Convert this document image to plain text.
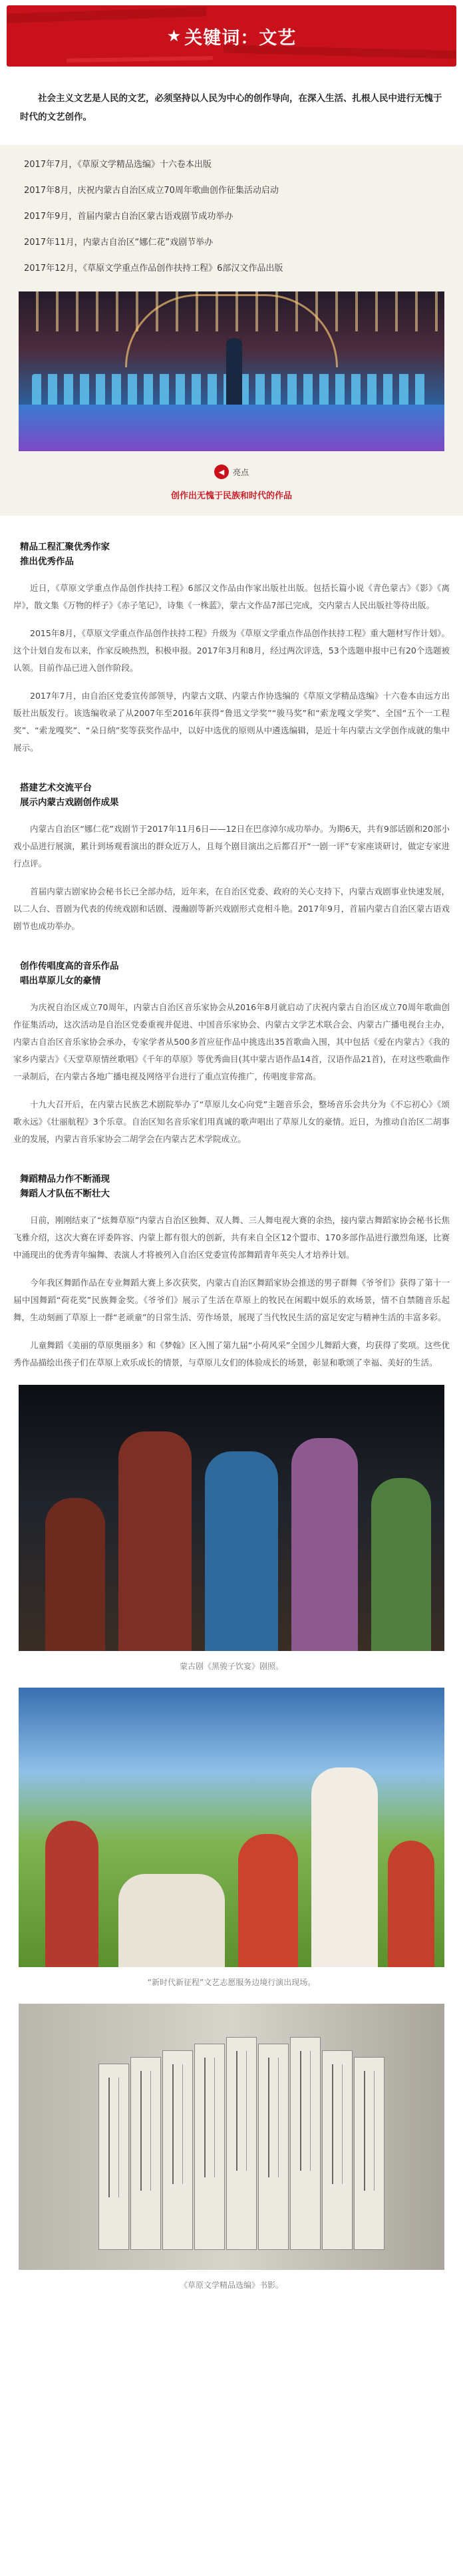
★ 关键词：文艺

社会主义文艺是人民的文艺，必须坚持以人民为中心的创作导向，在深入生活、扎根人民中进行无愧于时代的文艺创作。

2017年7月，《草原文学精品选编》十六卷本出版
2017年8月，庆祝内蒙古自治区成立70周年歌曲创作征集活动启动
2017年9月，首届内蒙古自治区蒙古语戏剧节成功举办
2017年11月，内蒙古自治区“娜仁花”戏剧节举办
2017年12月，《草原文学重点作品创作扶持工程》6部汉文作品出版
◀	亮点
创作出无愧于民族和时代的作品
精品工程汇聚优秀作家
推出优秀作品

近日，《草原文学重点作品创作扶持工程》6部汉文作品由作家出版社出版。包括长篇小说《青色蒙古》《影》《离岸》，散文集《万物的样子》《赤子笔记》，诗集《一株蓝》，蒙古文作品7部已完成，交内蒙古人民出版社等待出版。

2015年8月，《草原文学重点作品创作扶持工程》升级为《草原文学重点作品创作扶持工程》重大题材写作计划》。这个计划自发布以来，作家反映热烈，积极申报。2017年3月和8月，经过两次评选，53个选题申报中已有20个选题被认领。目前作品已进入创作阶段。

2017年7月，由自治区党委宣传部领导，内蒙古文联、内蒙古作协选编的《草原文学精品选编》十六卷本由远方出版社出版发行。该选编收录了从2007年至2016年获得“鲁迅文学奖”“骏马奖”和“索龙嘎文学奖”、全国“五个一工程奖”、“索龙嘎奖”、“朵日纳”奖等获奖作品中，以好中选优的原则从中遴选编辑，是近十年内蒙古文学创作成就的集中展示。

搭建艺术交流平台
展示内蒙古戏剧创作成果

内蒙古自治区“娜仁花”戏剧节于2017年11月6日——12日在巴彦淖尔成功举办。为期6天，共有9部话剧和20部小戏小品进行展演，累计到场观看演出的群众近万人，且每个剧目演出之后都召开“一剧一评”专家座谈研讨，做定专家进行点评。

首届内蒙古剧家协会秘书长已全部办结，近年来，在自治区党委、政府的关心支持下，内蒙古戏剧事业快速发展，以二人台、晋剧为代表的传统戏剧和话剧、漫瀚剧等新兴戏剧形式竞相斗艳。2017年9月，首届内蒙古自治区蒙古语戏剧节也成功举办。

创作传唱度高的音乐作品
唱出草原儿女的豪情

为庆祝自治区成立70周年，内蒙古自治区音乐家协会从2016年8月就启动了庆祝内蒙古自治区成立70周年歌曲创作征集活动，这次活动是自治区党委重视并促进、中国音乐家协会、内蒙古文学艺术联合会、内蒙古广播电视台主办，内蒙古自治区音乐家协会承办，专家学者从500多首应征作品中挑选出35首歌曲入围，其中包括《爱在内蒙古》《我的家乡内蒙古》《天堂草原情丝歌唱》《千年的草原》等优秀曲目(其中蒙古语作品14首，汉语作品21首)，在对这些歌曲作一录制后，在内蒙古各地广播电视及网络平台进行了重点宣传推广，传唱度非常高。

十九大召开后，在内蒙古民族艺术剧院举办了“草原儿女心向党”主题音乐会，整场音乐会共分为《不忘初心》《颂歌永远》《壮丽航程》3个乐章。自治区知名音乐家们用真诚的歌声唱出了草原儿女的豪情。近日，为推动自治区二胡事业的发展，内蒙古音乐家协会二胡学会在内蒙古艺术学院成立。

舞蹈精品力作不断涌现
舞蹈人才队伍不断壮大

日前，刚刚结束了“炫舞草原”内蒙古自治区独舞、双人舞、三人舞电视大赛的余热，接内蒙古舞蹈家协会秘书长焦飞雅介绍，这次大赛在评委阵容、内蒙上都有很大的创新，共有来自全区12个盟市、170多部作品进行激烈角逐，比赛中涌现出的优秀青年编舞、表演人才将被列入自治区党委宣传部舞蹈青年英尖人才培养计划。

今年我区舞蹈作品在专业舞蹈大赛上多次获奖，内蒙古自治区舞蹈家协会推送的男子群舞《爷爷们》获得了第十一届中国舞蹈“荷花奖”民族舞金奖。《爷爷们》展示了生活在草原上的牧民在闲暇中娱乐的欢场景，情不自禁随音乐起舞，生动刻画了草原上一群“老顽童”的日常生活、劳作场景，展现了当代牧民生活的富足安定与精神生活的丰富多彩。

儿童舞蹈《美丽的草原奥丽多》和《梦翰》区入围了第九届“小荷风采”全国少儿舞蹈大赛，均获得了奖项。这些优秀作品描绘出孩子们在草原上欢乐成长的情景，与草原儿女们的体验成长的场景，彰显和歌颂了幸福、美好的生活。

蒙古剧《黑骏子饮宴》剧照。
“新时代新征程”文艺志愿服务边境行演出现场。
《草原文学精品选编》书影。
